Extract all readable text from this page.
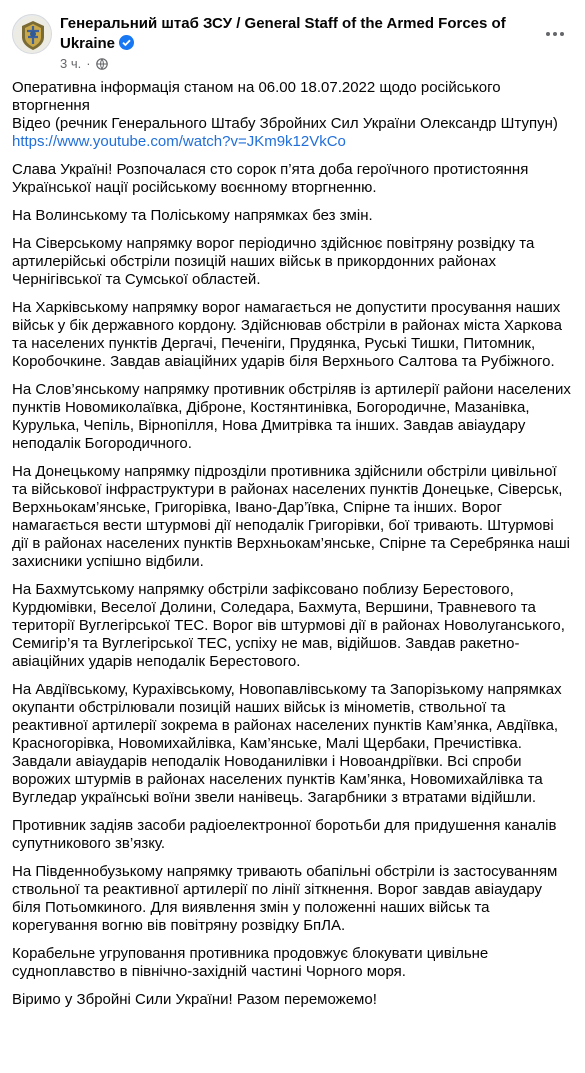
Генеральний штаб ЗСУ / General Staff of the Armed Forces of Ukraine
3 ч. ·

Оперативна інформація станом на 06.00 18.07.2022 щодо російського вторгнення
Відео (речник Генерального Штабу Збройних Сил України Олександр Штупун)
https://www.youtube.com/watch?v=JKm9k12VkCo

Слава Україні! Розпочалася сто сорок п’ята доба героїчного протистояння Української нації російському воєнному вторгненню.

На Волинському та Поліському напрямках без змін.

На Сіверському напрямку ворог періодично здійснює повітряну розвідку та артилерійські обстріли позицій наших військ в прикордонних районах Чернігівської та Сумської областей.

На Харківському напрямку ворог намагається не допустити просування наших військ у бік державного кордону. Здійснював обстріли в районах міста Харкова та населених пунктів Дергачі, Печеніги, Прудянка, Руські Тишки, Питомник, Коробочкине. Завдав авіаційних ударів біля Верхнього Салтова та Рубіжного.

На Слов’янському напрямку противник обстріляв із артилерії райони населених пунктів Новомиколаївка, Діброне, Костянтинівка, Богородичне, Мазанівка, Курулька, Чепіль, Вірнопілля, Нова Дмитрівка та інших. Завдав авіаудару неподалік Богородичного.

На Донецькому напрямку підрозділи противника здійснили обстріли цивільної та військової інфраструктури в районах населених пунктів Донецьке, Сіверськ, Верхньокам’янське, Григорівка, Івано-Дар’ївка, Спірне та інших. Ворог намагається вести штурмові дії неподалік Григорівки, бої тривають. Штурмові дії в районах населених пунктів Верхньокам’янське, Спірне та Серебрянка наші захисники успішно відбили.

На Бахмутському напрямку обстріли зафіксовано поблизу Берестового, Курдюмівки, Веселої Долини, Соледара, Бахмута, Вершини, Травневого та території Вуглегірської ТЕС. Ворог вів штурмові дії в районах Новолуганського, Семигір’я та Вуглегірської ТЕС, успіху не мав, відійшов. Завдав ракетно-авіаційних ударів неподалік Берестового.

На Авдіївському, Курахівському, Новопавлівському та Запорізькому напрямках окупанти обстрілювали позицій наших військ із мінометів, ствольної та реактивної артилерії зокрема в районах населених пунктів Кам’янка, Авдіївка, Красногорівка, Новомихайлівка, Кам’янське, Малі Щербаки, Пречистівка. Завдали авіаударів неподалік Новоданилівки і Новоандріївки. Всі спроби ворожих штурмів в районах населених пунктів Кам’янка, Новомихайлівка та Вугледар українські воїни звели нанівець. Загарбники з втратами відійшли.

Противник задіяв засоби радіоелектронної боротьби для придушення каналів супутникового зв’язку.

На Південнобузькому напрямку тривають обапільні обстріли із застосуванням ствольної та реактивної артилерії по лінії зіткнення. Ворог завдав авіаудару біля Потьомкиного. Для виявлення змін у положенні наших військ та корегування вогню вів повітряну розвідку БпЛА.

Корабельне угруповання противника продовжує блокувати цивільне судноплавство в північно-західній частині Чорного моря.

Віримо у Збройні Сили України! Разом переможемо!
